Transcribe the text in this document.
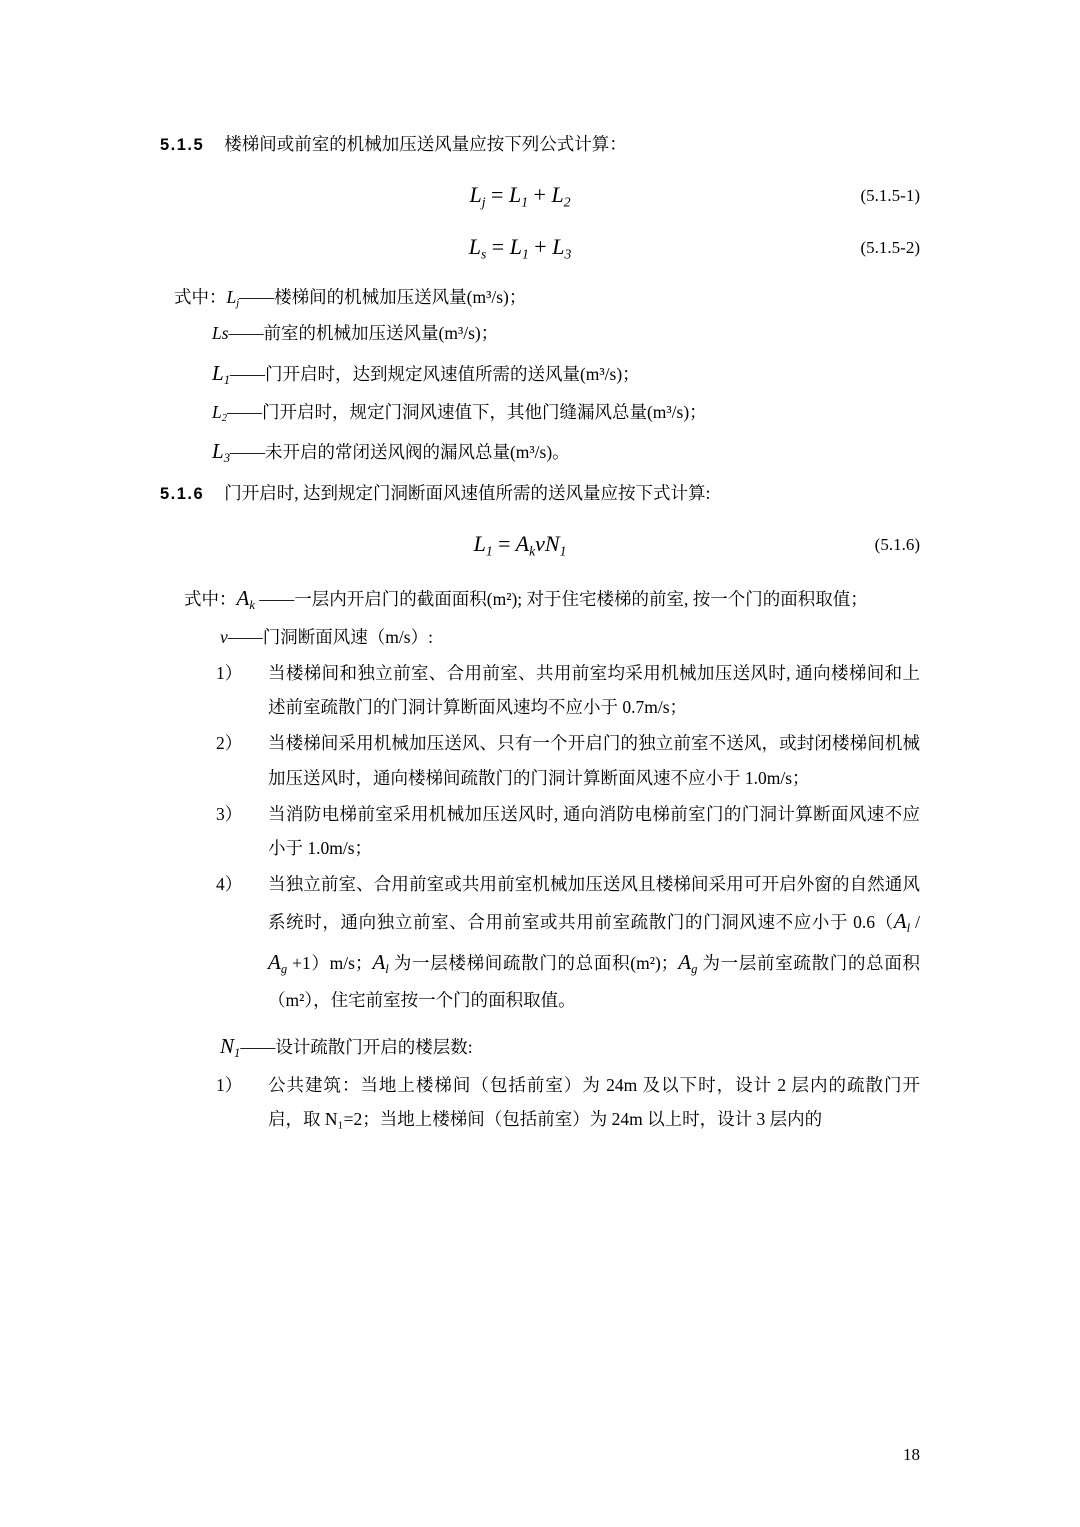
5.1.5 楼梯间或前室的机械加压送风量应按下列公式计算：
$L_j = L_1 + L_2$	(5.1.5-1)
$L_s = L_1 + L_3$	(5.1.5-2)
式中：$L_j——$楼梯间的机械加压送风量(m³/s)；
Ls——前室的机械加压送风量(m³/s)；
$L_1——$门开启时，达到规定风速值所需的送风量(m³/s)；
$L_2——$门开启时，规定门洞风速值下，其他门缝漏风总量(m³/s)；
$L_3——$未开启的常闭送风阀的漏风总量(m³/s)。
5.1.6 门开启时, 达到规定门洞断面风速值所需的送风量应按下式计算:
$L_1 = A_kvN_1$	(5.1.6)
式中：$A_k$ ——一层内开启门的截面面积(m²); 对于住宅楼梯的前室, 按一个门的面积取值；
v——门洞断面风速（m/s）:
1）	当楼梯间和独立前室、合用前室、共用前室均采用机械加压送风时, 通向楼梯间和上述前室疏散门的门洞计算断面风速均不应小于 0.7m/s；
2）	当楼梯间采用机械加压送风、只有一个开启门的独立前室不送风，或封闭楼梯间机械加压送风时，通向楼梯间疏散门的门洞计算断面风速不应小于 1.0m/s；
3）	当消防电梯前室采用机械加压送风时, 通向消防电梯前室门的门洞计算断面风速不应小于 1.0m/s；
4）	当独立前室、合用前室或共用前室机械加压送风且楼梯间采用可开启外窗的自然通风系统时，通向独立前室、合用前室或共用前室疏散门的门洞风速不应小于 $0.6(A_l / A_g +1)m/s$；$A_l$ 为一层楼梯间疏散门的总面积(m²)；$A_g$ 为一层前室疏散门的总面积（m²），住宅前室按一个门的面积取值。
$N_1——$设计疏散门开启的楼层数:
1）	公共建筑：当地上楼梯间（包括前室）为 24m 及以下时，设计 2 层内的疏散门开启，取 N₁=2；当地上楼梯间（包括前室）为 24m 以上时，设计 3 层内的
18
